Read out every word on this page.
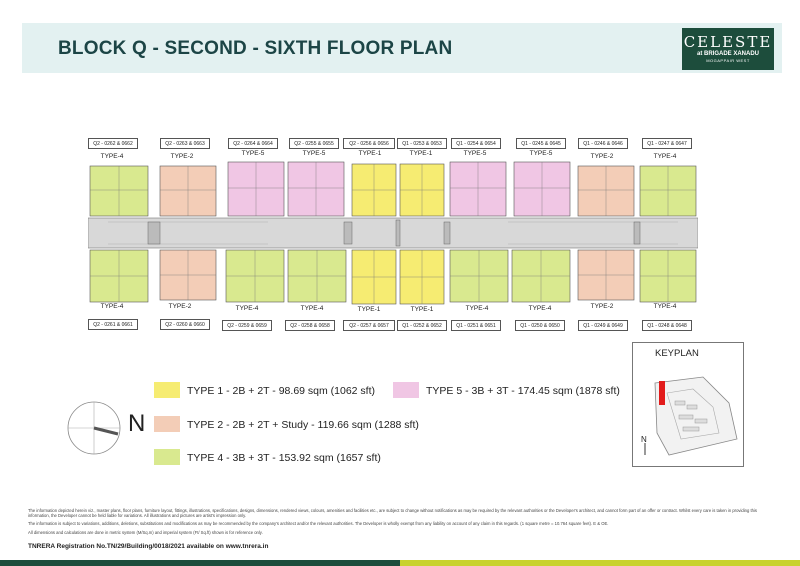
BLOCK Q - SECOND - SIXTH FLOOR PLAN	CELESTE
at BRIGADE XANADU
MOGAPPAIR WEST
Q2 - 0262 & 0662	Q2 - 0263 & 0663	Q2 - 0264 & 0664	Q2 - 0255 & 0655	Q2 - 0256 & 0656	Q1 - 0253 & 0653	Q1 - 0254 & 0654	Q1 - 0245 & 0645	Q1 - 0246 & 0646	Q1 - 0247 & 0647
TYPE-4	TYPE-2	TYPE-5	TYPE-5	TYPE-1	TYPE-1	TYPE-5	TYPE-5	TYPE-2	TYPE-4
TYPE-4	TYPE-2	TYPE-4	TYPE-4	TYPE-1	TYPE-1	TYPE-4	TYPE-4	TYPE-2	TYPE-4
Q2 - 0261 & 0661	Q2 - 0260 & 0660	Q2 - 0259 & 0659	Q2 - 0258 & 0658	Q2 - 0257 & 0657	Q1 - 0252 & 0652	Q1 - 0251 & 0651	Q1 - 0250 & 0650	Q1 - 0249 & 0649	Q1 - 0248 & 0648
KEYPLAN
N
TYPE 1 - 2B + 2T - 98.69 sqm (1062 sft)
TYPE 2 - 2B + 2T + Study - 119.66 sqm (1288 sft)
TYPE 4 - 3B + 3T - 153.92 sqm (1657 sft)
TYPE 5 - 3B + 3T - 174.45 sqm (1878 sft)
N
The information depicted herein viz., master plans, floor plans, furniture layout, fittings, illustrations, specifications, designs, dimensions, rendered views, colours, amenities and facilities etc., are subject to change without notifications as may be required by the relevant authorities or the Developer's architect, and cannot form part of an offer or contract. Whilst every care is taken in providing this information, the Developer cannot be held liable for variations. All illustrations and pictures are artist's impression only.
The information is subject to variations, additions, deletions, substitutions and modifications as may be recommended by the company's architect and/or the relevant authorities. The Developer is wholly exempt from any liability on account of any claim in this regards. (1 square metre = 10.764 square feet). E & OE.
All dimensions and calculations are done in metric system (M/Sq.m) and imperial system (Ft/ Sq.ft) shown is for reference only.
TNRERA Registration No.TN/29/Building/0018/2021 available on www.tnrera.in
